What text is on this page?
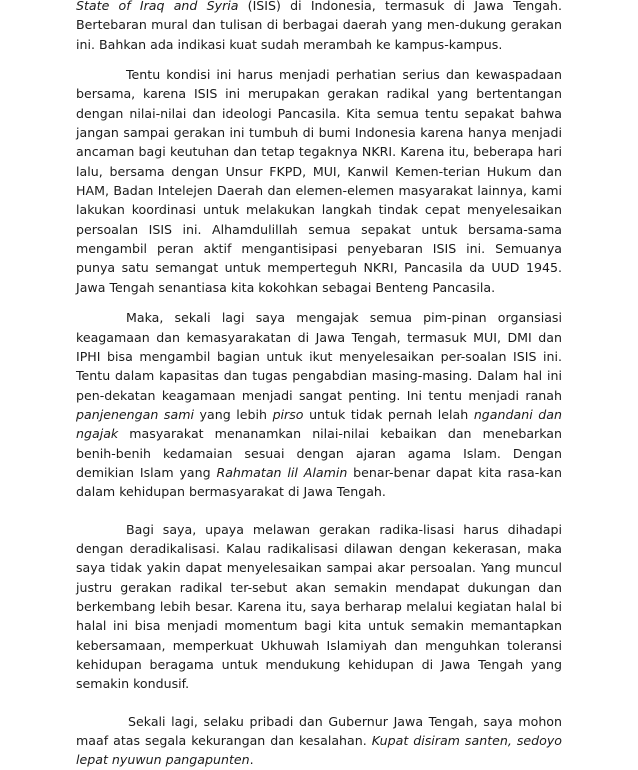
State of Iraq and Syria (ISIS) di Indonesia, termasuk di Jawa Tengah. Bertebaran mural dan tulisan di berbagai daerah yang men-dukung gerakan ini. Bahkan ada indikasi kuat sudah merambah ke kampus-kampus.

Tentu kondisi ini harus menjadi perhatian serius dan kewaspadaan bersama, karena ISIS ini merupakan gerakan radikal yang bertentangan dengan nilai-nilai dan ideologi Pancasila. Kita semua tentu sepakat bahwa jangan sampai gerakan ini tumbuh di bumi Indonesia karena hanya menjadi ancaman bagi keutuhan dan tetap tegaknya NKRI. Karena itu, beberapa hari lalu, bersama dengan Unsur FKPD, MUI, Kanwil Kemen-terian Hukum dan HAM, Badan Intelejen Daerah dan elemen-elemen masyarakat lainnya, kami lakukan koordinasi untuk melakukan langkah tindak cepat menyelesaikan persoalan ISIS ini. Alhamdulillah semua sepakat untuk bersama-sama mengambil peran aktif mengantisipasi penyebaran ISIS ini. Semuanya punya satu semangat untuk memperteguh NKRI, Pancasila da UUD 1945. Jawa Tengah senantiasa kita kokohkan sebagai Benteng Pancasila.

Maka, sekali lagi saya mengajak semua pim-pinan organsiasi keagamaan dan kemasyarakatan di Jawa Tengah, termasuk MUI, DMI dan IPHI bisa mengambil bagian untuk ikut menyelesaikan per-soalan ISIS ini. Tentu dalam kapasitas dan tugas pengabdian masing-masing. Dalam hal ini pen-dekatan keagamaan menjadi sangat penting. Ini tentu menjadi ranah panjenengan sami yang lebih pirso untuk tidak pernah lelah ngandani dan ngajak masyarakat menanamkan nilai-nilai kebaikan dan menebarkan benih-benih kedamaian sesuai dengan ajaran agama Islam. Dengan demikian Islam yang Rahmatan lil Alamin benar-benar dapat kita rasa-kan dalam kehidupan bermasyarakat di Jawa Tengah.

Bagi saya, upaya melawan gerakan radika-lisasi harus dihadapi dengan deradikalisasi. Kalau radikalisasi dilawan dengan kekerasan, maka saya tidak yakin dapat menyelesaikan sampai akar persoalan. Yang muncul justru gerakan radikal ter-sebut akan semakin mendapat dukungan dan berkembang lebih besar. Karena itu, saya berharap melalui kegiatan halal bi halal ini bisa menjadi momentum bagi kita untuk semakin memantapkan kebersamaan, memperkuat Ukhuwah Islamiyah dan menguhkan toleransi kehidupan beragama untuk mendukung kehidupan di Jawa Tengah yang semakin kondusif.

Sekali lagi, selaku pribadi dan Gubernur Jawa Tengah, saya mohon maaf atas segala kekurangan dan kesalahan. Kupat disiram santen, sedoyo lepat nyuwun pangapunten.
